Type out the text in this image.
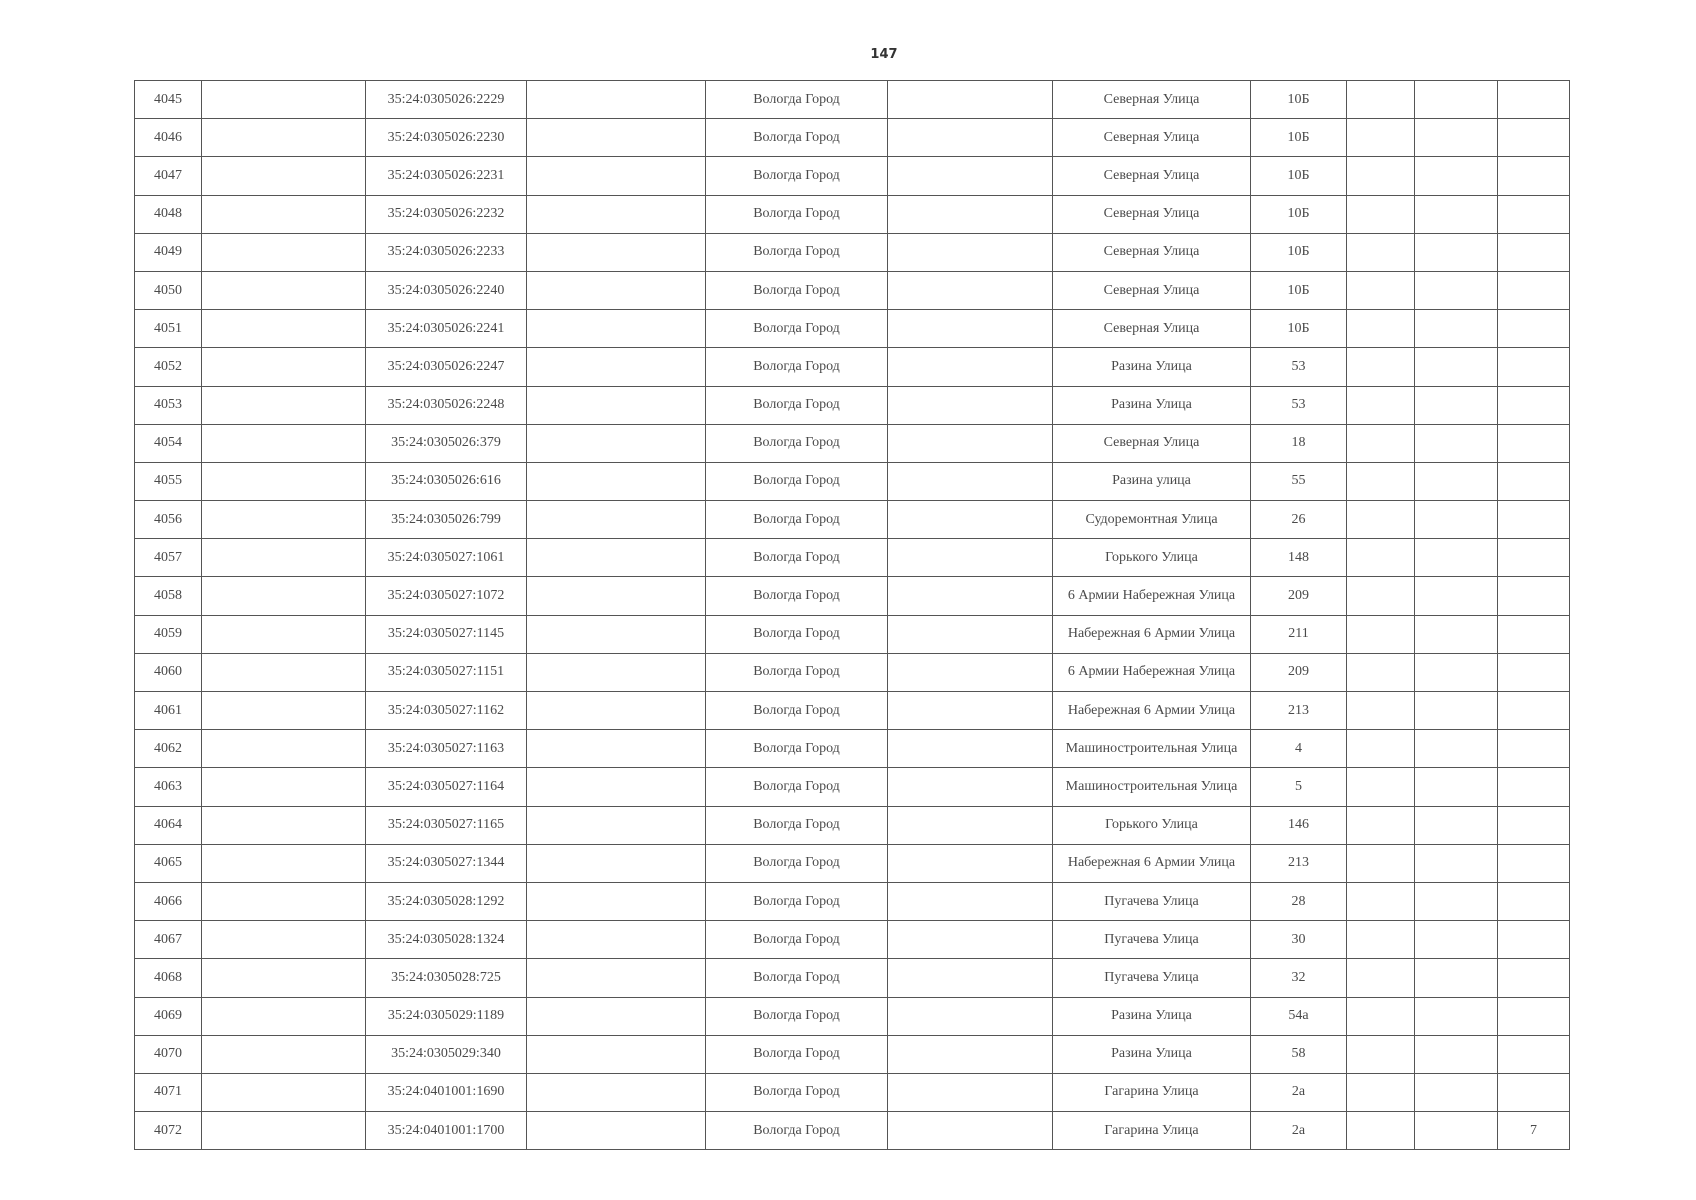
147
4045		35:24:0305026:2229		Вологда Город		Северная Улица	10Б			
4046		35:24:0305026:2230		Вологда Город		Северная Улица	10Б			
4047		35:24:0305026:2231		Вологда Город		Северная Улица	10Б			
4048		35:24:0305026:2232		Вологда Город		Северная Улица	10Б			
4049		35:24:0305026:2233		Вологда Город		Северная Улица	10Б			
4050		35:24:0305026:2240		Вологда Город		Северная Улица	10Б			
4051		35:24:0305026:2241		Вологда Город		Северная Улица	10Б			
4052		35:24:0305026:2247		Вологда Город		Разина Улица	53			
4053		35:24:0305026:2248		Вологда Город		Разина Улица	53			
4054		35:24:0305026:379		Вологда Город		Северная Улица	18			
4055		35:24:0305026:616		Вологда Город		Разина улица	55			
4056		35:24:0305026:799		Вологда Город		Судоремонтная Улица	26			
4057		35:24:0305027:1061		Вологда Город		Горького Улица	148			
4058		35:24:0305027:1072		Вологда Город		6 Армии Набережная Улица	209			
4059		35:24:0305027:1145		Вологда Город		Набережная 6 Армии Улица	211			
4060		35:24:0305027:1151		Вологда Город		6 Армии Набережная Улица	209			
4061		35:24:0305027:1162		Вологда Город		Набережная 6 Армии Улица	213			
4062		35:24:0305027:1163		Вологда Город		Машиностроительная Улица	4			
4063		35:24:0305027:1164		Вологда Город		Машиностроительная Улица	5			
4064		35:24:0305027:1165		Вологда Город		Горького Улица	146			
4065		35:24:0305027:1344		Вологда Город		Набережная 6 Армии Улица	213			
4066		35:24:0305028:1292		Вологда Город		Пугачева Улица	28			
4067		35:24:0305028:1324		Вологда Город		Пугачева Улица	30			
4068		35:24:0305028:725		Вологда Город		Пугачева Улица	32			
4069		35:24:0305029:1189		Вологда Город		Разина Улица	54а			
4070		35:24:0305029:340		Вологда Город		Разина Улица	58			
4071		35:24:0401001:1690		Вологда Город		Гагарина Улица	2а			
4072		35:24:0401001:1700		Вологда Город		Гагарина Улица	2а			7
